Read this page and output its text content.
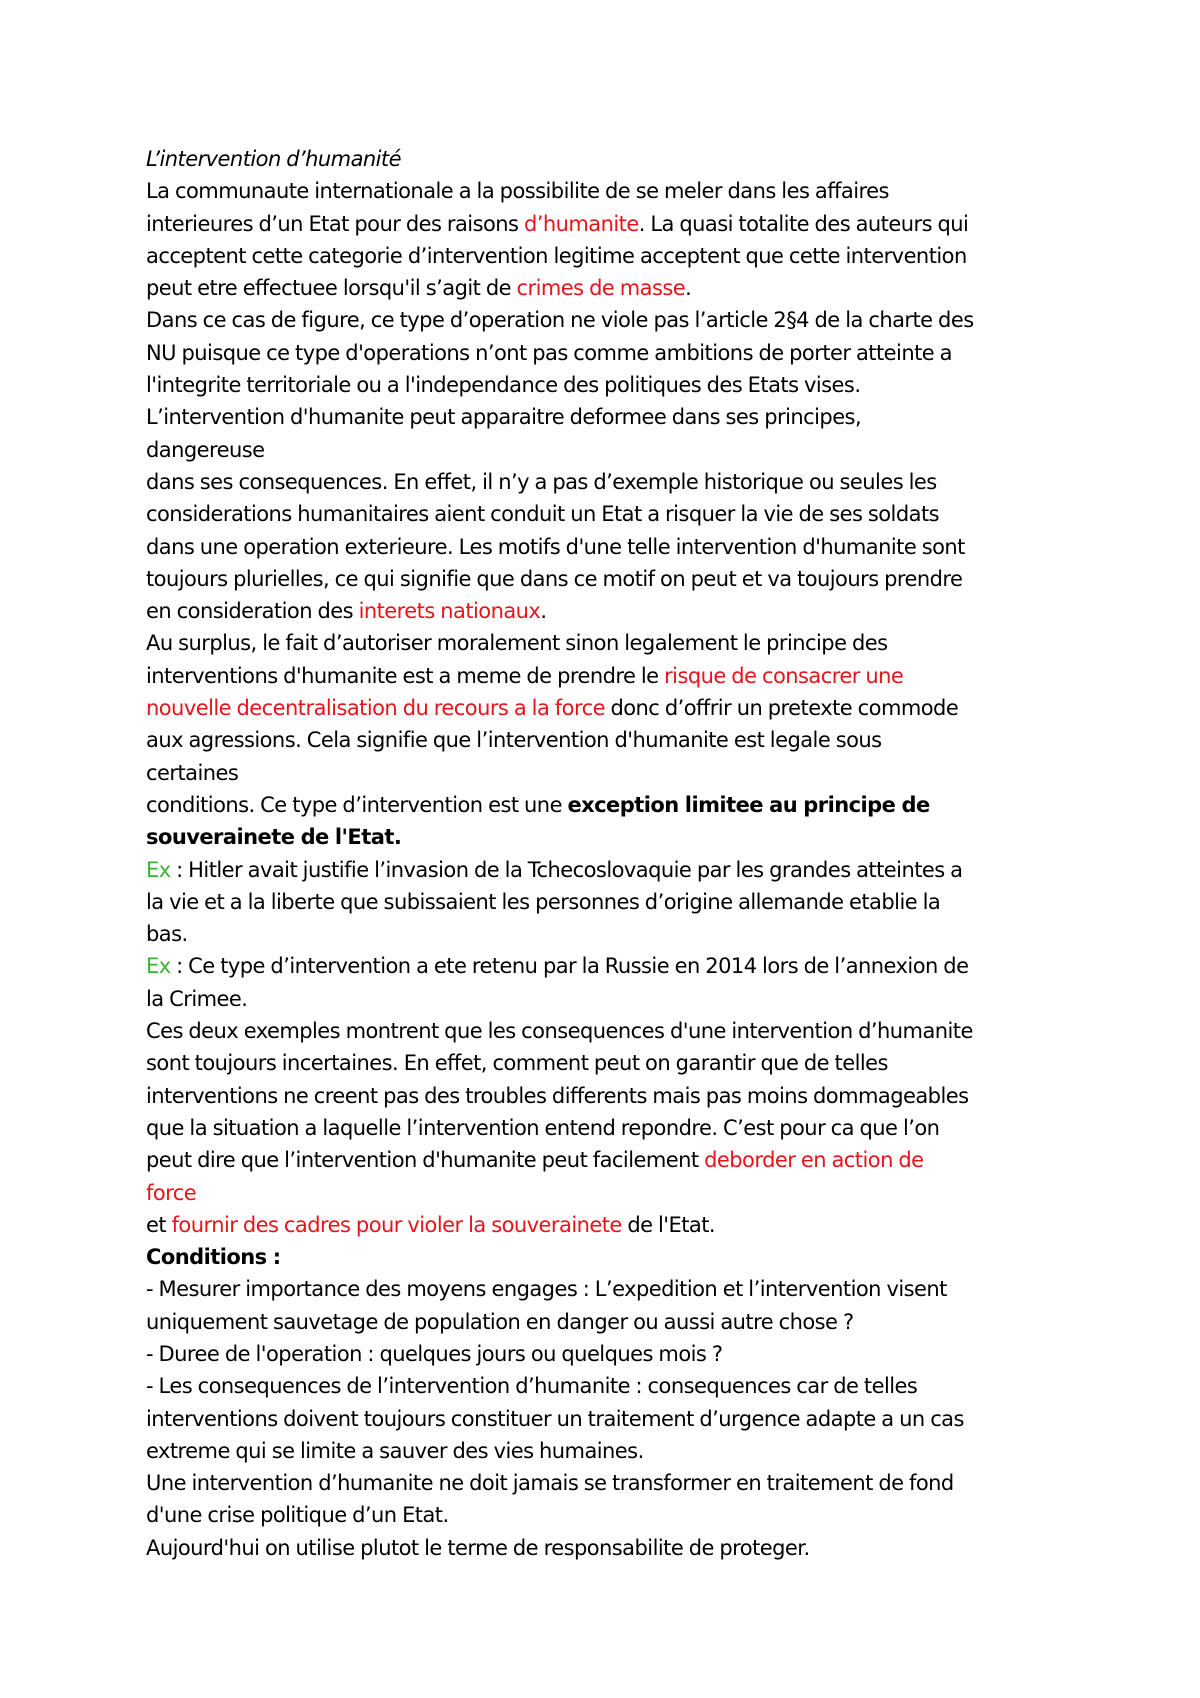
L’intervention d’humanité
La communaute internationale a la possibilite de se meler dans les affaires
interieures d’un Etat pour des raisons d’humanite. La quasi totalite des auteurs qui
acceptent cette categorie d’intervention legitime acceptent que cette intervention
peut etre effectuee lorsqu'il s’agit de crimes de masse.
Dans ce cas de figure, ce type d’operation ne viole pas l’article 2§4 de la charte des
NU puisque ce type d'operations n’ont pas comme ambitions de porter atteinte a
l'integrite territoriale ou a l'independance des politiques des Etats vises.
L’intervention d'humanite peut apparaitre deformee dans ses principes,
dangereuse
dans ses consequences. En effet, il n’y a pas d’exemple historique ou seules les
considerations humanitaires aient conduit un Etat a risquer la vie de ses soldats
dans une operation exterieure. Les motifs d'une telle intervention d'humanite sont
toujours plurielles, ce qui signifie que dans ce motif on peut et va toujours prendre
en consideration des interets nationaux.
Au surplus, le fait d’autoriser moralement sinon legalement le principe des
interventions d'humanite est a meme de prendre le risque de consacrer une
nouvelle decentralisation du recours a la force donc d’offrir un pretexte commode
aux agressions. Cela signifie que l’intervention d'humanite est legale sous
certaines
conditions. Ce type d’intervention est une exception limitee au principe de
souverainete de l'Etat.
Ex : Hitler avait justifie l’invasion de la Tchecoslovaquie par les grandes atteintes a
la vie et a la liberte que subissaient les personnes d’origine allemande etablie la
bas.
Ex : Ce type d’intervention a ete retenu par la Russie en 2014 lors de l’annexion de
la Crimee.
Ces deux exemples montrent que les consequences d'une intervention d’humanite
sont toujours incertaines. En effet, comment peut on garantir que de telles
interventions ne creent pas des troubles differents mais pas moins dommageables
que la situation a laquelle l’intervention entend repondre. C’est pour ca que l’on
peut dire que l’intervention d'humanite peut facilement deborder en action de
force
et fournir des cadres pour violer la souverainete de l'Etat.
Conditions :
- Mesurer importance des moyens engages : L’expedition et l’intervention visent
uniquement sauvetage de population en danger ou aussi autre chose ?
- Duree de l'operation : quelques jours ou quelques mois ?
- Les consequences de l’intervention d’humanite : consequences car de telles
interventions doivent toujours constituer un traitement d’urgence adapte a un cas
extreme qui se limite a sauver des vies humaines.
Une intervention d’humanite ne doit jamais se transformer en traitement de fond
d'une crise politique d’un Etat.
Aujourd'hui on utilise plutot le terme de responsabilite de proteger.
